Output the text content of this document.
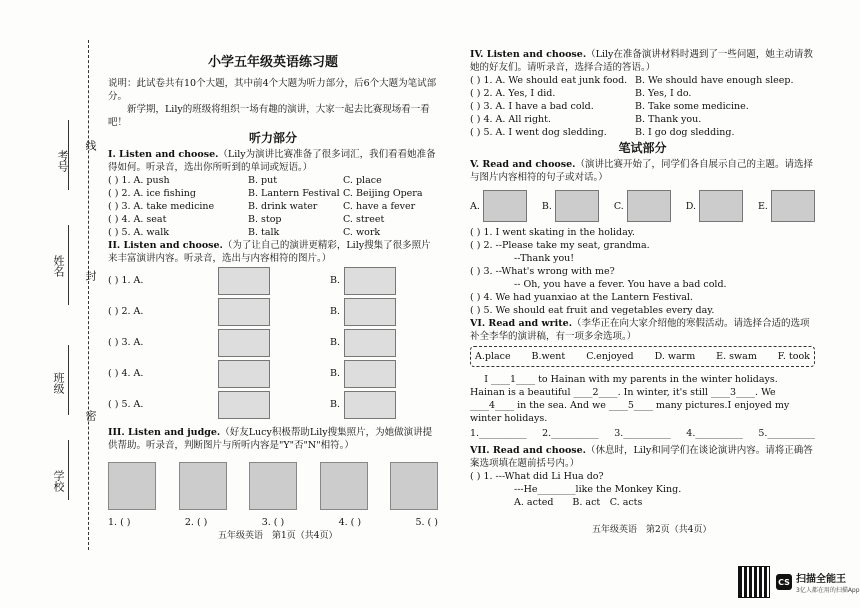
考号
线
姓名 封
班级
密
学校
小学五年级英语练习题
说明：此试卷共有10个大题，其中前4个大题为听力部分，后6个大题为笔试部分。
新学期，Lily的班级将组织一场有趣的演讲，大家一起去比赛现场看一看吧！
听力部分
I. Listen and choose.（Lily为演讲比赛准备了很多词汇，我们看看她准备得如何。听录音，选出你所听到的单词或短语。）
( ) 1. A. push	B. put	C. place
( ) 2. A. ice fishing	B. Lantern Festival C. Beijing Opera
( ) 3. A. take medicine	B. drink water	C. have a fever
( ) 4. A. seat	B. stop	C. street
( ) 5. A. walk	B. talk	C. work
II. Listen and choose.（为了让自己的演讲更精彩，Lily搜集了很多照片来丰富演讲内容。听录音，选出与内容相符的图片。）
( ) 1. A.	B.
( ) 2. A.	B.
( ) 3. A.	B.
( ) 4. A.	B.
( ) 5. A.	B.
III. Listen and judge.（好友Lucy积极帮助Lily搜集照片，为她做演讲提供帮助。听录音，判断图片与所听内容是"Y"否"N"相符。）
1. ( )	2. ( )	3. ( )	4. ( )	5. ( )
五年级英语　第1页（共4页）
IV. Listen and choose.（Lily在准备演讲材料时遇到了一些问题，她主动请教她的好友们。请听录音，选择合适的答语。）
( ) 1. A. We should eat junk food. B. We should have enough sleep.
( ) 2. A. Yes, I did.	B. Yes, I do.
( ) 3. A. I have a bad cold.	B. Take some medicine.
( ) 4. A. All right.	B. Thank you.
( ) 5. A. I went dog sledding.	B. I go dog sledding.
笔试部分
V. Read and choose.（演讲比赛开始了，同学们各自展示自己的主题。请选择与图片内容相符的句子或对话。）
A.	B.	C.	D.	E.
( ) 1. I went skating in the holiday.
( ) 2. --Please take my seat, grandma.
--Thank you!
( ) 3. --What's wrong with me?
-- Oh, you have a fever. You have a bad cold.
( ) 4. We had yuanxiao at the Lantern Festival.
( ) 5. We should eat fruit and vegetables every day.
VI. Read and write.（李华正在向大家介绍他的寒假活动。请选择合适的选项补全李华的演讲稿，有一项多余选项。）
A.place B.went C.enjoyed D. warm E. swam F. took
I ____1____ to Hainan with my parents in the winter holidays.
Hainan is a beautiful ____2____. In winter, it's still ____3____. We
____4____ in the sea. And we ____5____ many pictures.I enjoyed my
winter holidays.
1.__________ 2.__________ 3.__________ 4.__________ 5.__________
VII. Read and choose.（休息时，Lily和同学们在谈论演讲内容。请将正确答案选项填在题前括号内。）
( ) 1. ---What did Li Hua do?
---He________like the Monkey King.
A. acted　　B. act　C. acts
五年级英语　第2页（共4页）
CS 扫描全能王
3亿人都在用的扫描App
